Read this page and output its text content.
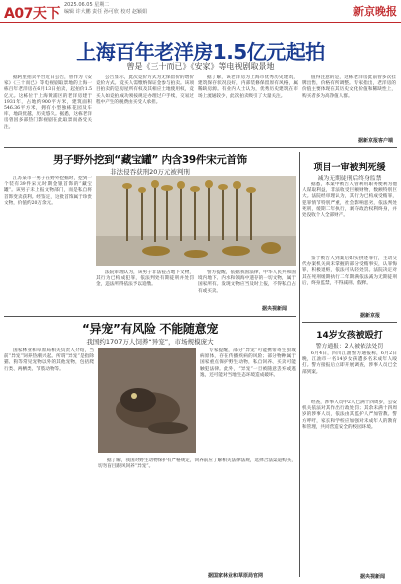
A07天下
2025.06.05 星期二
编辑 许大鹏 责任 孙可欣 校对 赵颖娟	新京晚报
上海百年老洋房1.5亿元起拍
曾是《三十而已》《安家》等电视剧取景地

据阿里拍卖平台近日公告，曾作为《安家》《三十而已》等电视剧取景地的上海一栋百年老洋房在6月13日拍卖，起拍价1.5亿元。这栋位于上海黄浦区的老洋房建于1931年，占地约900平方米，建筑面积546.36平方米，拥有小型独栋花园及车库，地段优越，历史悠久。据悉，这栋老洋房曾因多部热门影视剧在此取景而备受关注。

公告显示，此次竞价方式为无保留价的增价竞价方式。竞买人需缴纳保证金参与拍卖。该项目拍卖的是房屋所有权及其相应土地使用权，竞买人如竞拍成功须按规定办理过户手续，交易过程中产生的税费由买受人承担。

据了解，该老洋房为上海市优秀历史建筑，建筑保存状况良好，内部装修保留原有风格，属稀缺房源。有业内人士认为，优秀历史建筑在市场上流通较少，此次拍卖吸引了大量关注。

值得注意的是，这栋老洋房此前曾多次挂牌出售，价格有所调整。专家指出，老洋房的价值主要体现在其历史文化价值和稀缺性上，购买者多为高净值人群。

据新京报客户端
男子野外挖到“藏宝罐” 内含39件宋元首饰
非法侵吞获刑20万元被判刑

江苏某市一男子在野外挖掘时，挖到一个装有39件宋元时期金银首饰的“藏宝罐”。该男子未上报文物部门，而是私自将首饰变卖获利。经鉴定，这批首饰属于珍贵文物，价值约20万余元。

法院审理认为，该男子非法侵占地下文物，其行为已构成犯罪，依法判处有期徒刑并处罚金，违法所得依法予以追缴。

警方提醒，依据我国法律，中华人民共和国境内地下、内水和领海中遗存的一切文物，属于国家所有。发现文物应当及时上报，不得私自占有或买卖。

据央视新闻
项目一审被判死缓
减为无期徒刑后终身监禁

据悉，本案中被告人曾利用职务便利为他人谋取利益，非法收受巨额财物，数额特别巨大。法院经审理认为，其行为已构成受贿罪，犯罪情节特别严重，社会影响恶劣，依法判处死刑，缓期二年执行，剥夺政治权利终身，并处没收个人全部财产。

鉴于被告人到案后如实供述罪行，主动交代办案机关尚未掌握的部分受贿事实，认罪悔罪，积极退赃，依法可从轻处罚。法院决定对其在死刑缓期执行二年期满依法减为无期徒刑后，终身监禁，不得减刑、假释。

据新京报
14岁女孩被殴打
警方通报：2人被依法处罚

6月4日，四川江油警方通报称，6月2日晚，江油市一名14岁女孩遭多名未成年人殴打。警方接报后立即开展调查，涉事人员已全部到案。

经查，涉事人员中2人已满十四周岁，公安机关依法对其作出行政处罚；其余未满十四周岁的涉事人员，依法由其监护人严加管教。警方呼吁，家长和学校应加强对未成年人的教育和管理，共同营造安全的校园环境。

据央视新闻
“异宠”有风险 不能随意宠
我国约1707万人饲养“异宠”，市场规模庞大

国家林业和草原局相关负责人介绍，当前“异宠”饲养热潮兴起。所谓“异宠”是指除猫、狗等常见宠物以外的其他宠物，包括爬行类、两栖类、节肢动物等。

专家提醒，部分“异宠”可能携带寄生虫或病原体，存在传播疾病的风险；部分物种属于国家重点保护野生动物，私自饲养、买卖可能触犯法律。此外，“异宠”一旦被随意丢弃或逃逸，还可能对当地生态环境造成破坏。

据了解，我国对野生动物保护有严格规定，饲养前应了解相关法律法规，选择合法渠道购买，切勿盲目跟风饲养“异宠”。

据国家林业和草原局官网
